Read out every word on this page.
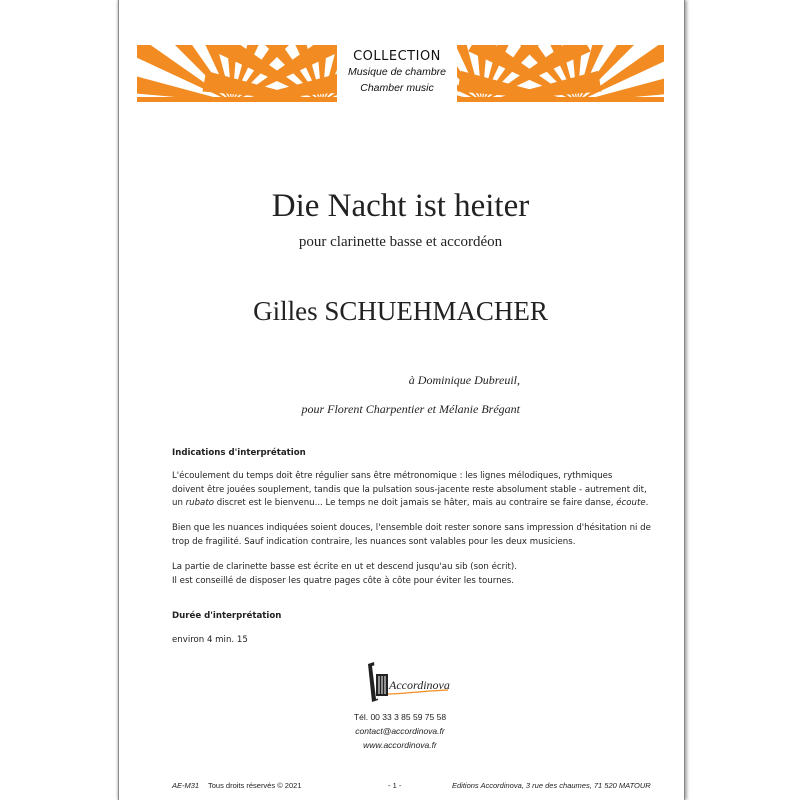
COLLECTION
Musique de chambre
Chamber music
Die Nacht ist heiter
pour clarinette basse et accordéon
Gilles SCHUEHMACHER
à Dominique Dubreuil,
pour Florent Charpentier et Mélanie Brégant
Indications d'interprétation

L'écoulement du temps doit être régulier sans être métronomique : les lignes mélodiques, rythmiques

doivent être jouées souplement, tandis que la pulsation sous-jacente reste absolument stable - autrement dit,

un rubato discret est le bienvenu... Le temps ne doit jamais se hâter, mais au contraire se faire danse, écoute.

Bien que les nuances indiquées soient douces, l'ensemble doit rester sonore sans impression d'hésitation ni de

trop de fragilité. Sauf indication contraire, les nuances sont valables pour les deux musiciens.

La partie de clarinette basse est écrite en ut et descend jusqu'au sib (son écrit).

Il est conseillé de disposer les quatre pages côte à côte pour éviter les tournes.

Durée d'interprétation
environ 4 min. 15
Accordinova
Tél. 00 33 3 85 59 75 58
contact@accordinova.fr
www.accordinova.fr
AE-M31 Tous droits réservés © 2021	- 1 -	Editions Accordinova, 3 rue des chaumes, 71 520 MATOUR
